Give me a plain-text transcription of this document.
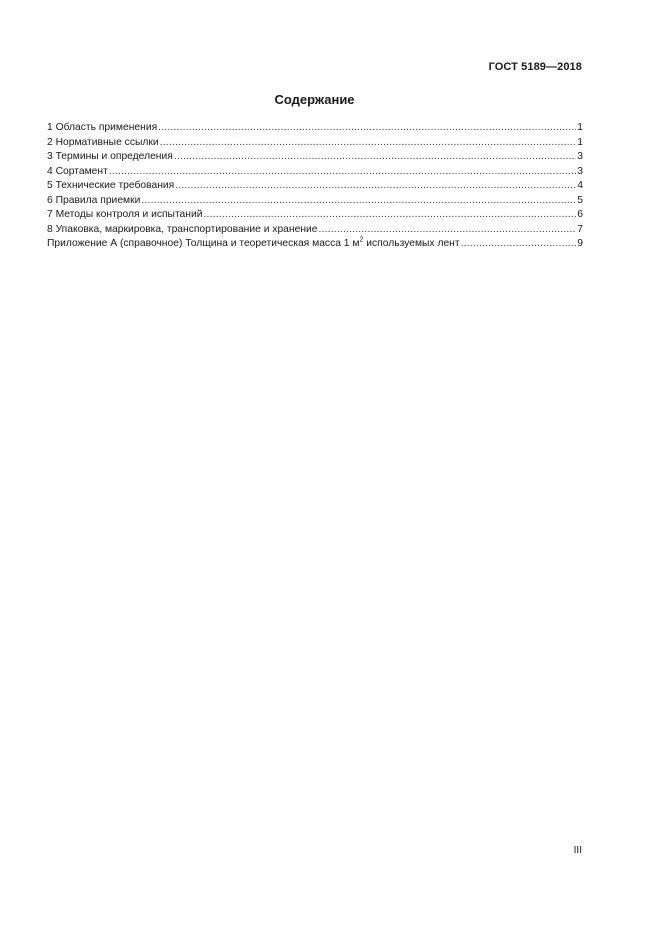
ГОСТ 5189—2018
Содержание
1 Область применения .....	1
2 Нормативные ссылки .....	1
3 Термины и определения .....	3
4 Сортамент .....	3
5 Технические требования .....	4
6 Правила приемки .....	5
7 Методы контроля и испытаний .....	6
8 Упаковка, маркировка, транспортирование и хранение .....	7
Приложение А (справочное) Толщина и теоретическая масса 1 $м^2$ используемых лент .....	9
III
